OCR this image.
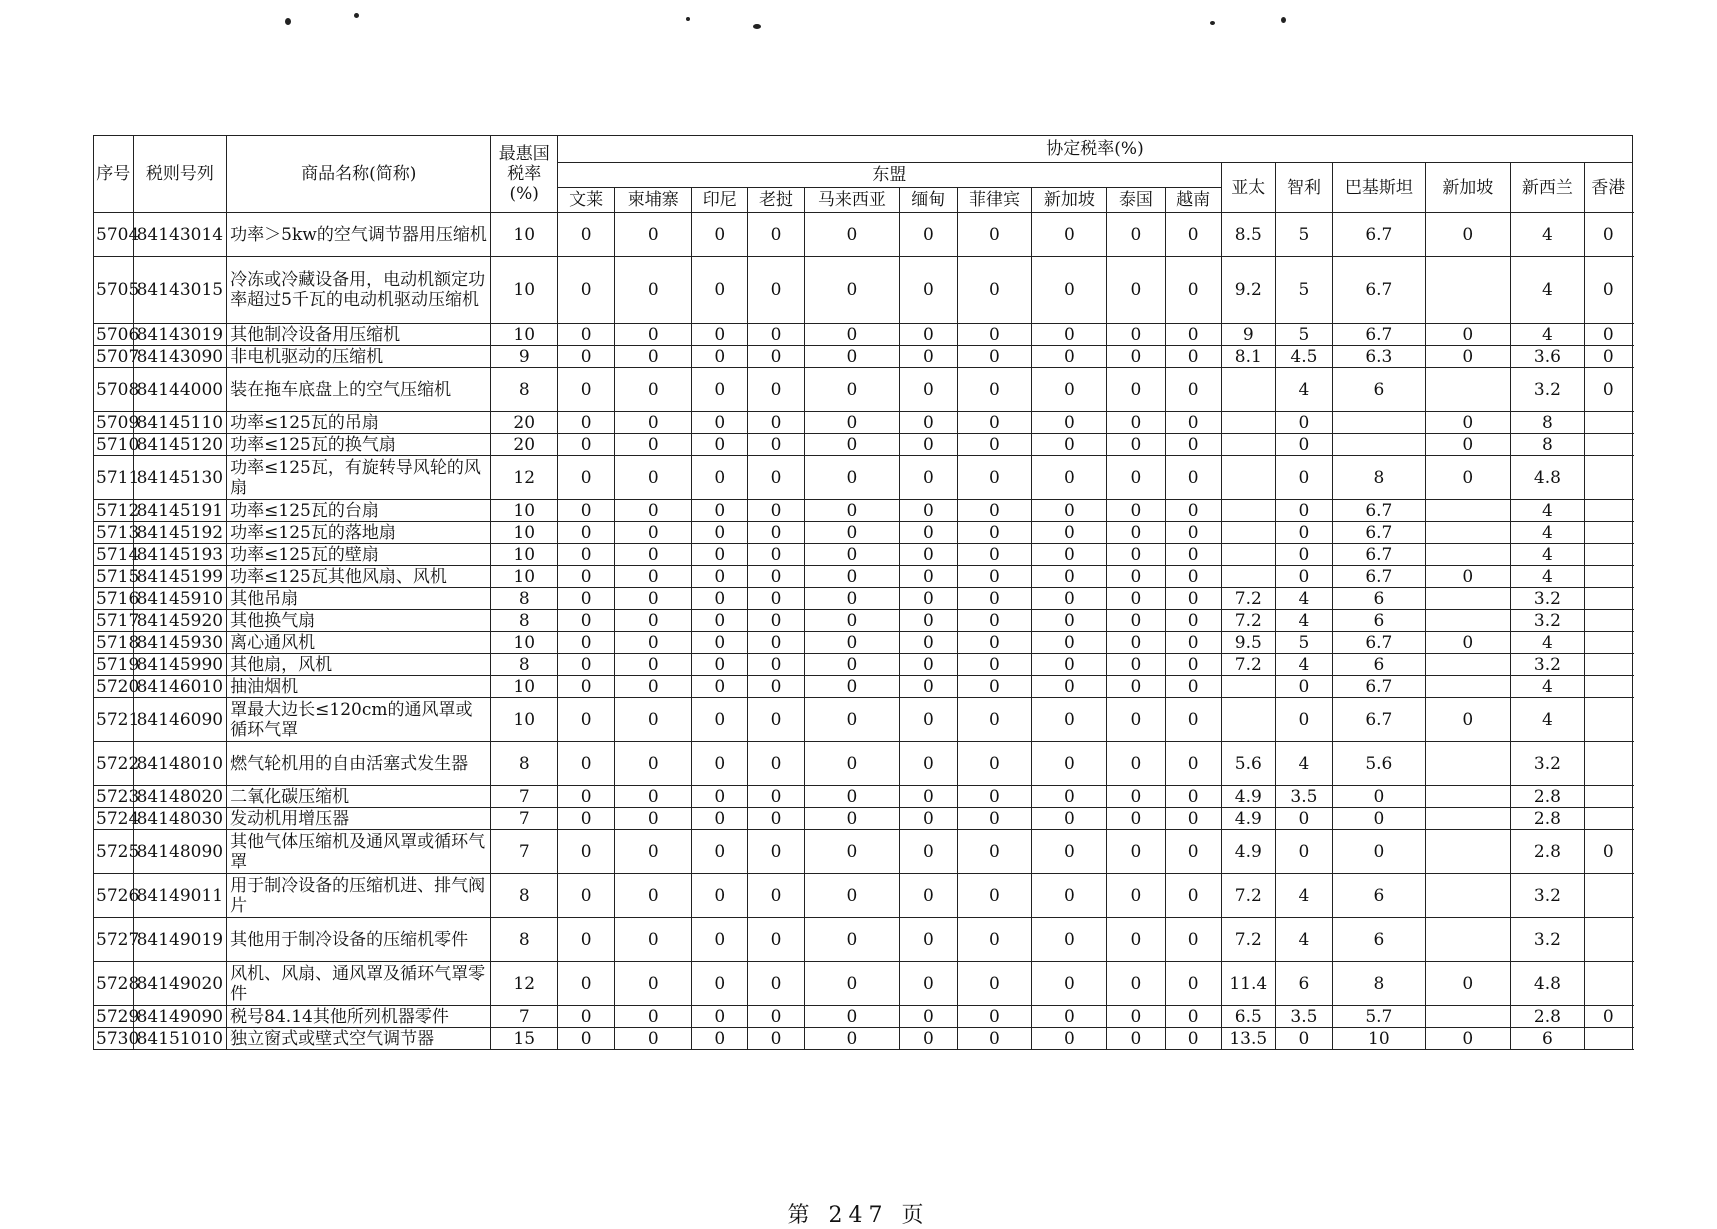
序号	税则号列	商品名称(简称)	最惠国
税率
(%)	协定税率(%)																
				东盟										亚太	智利	巴基斯坦	新加坡	新西兰	香港	
				文莱	柬埔寨	印尼	老挝	马来西亚	缅甸	菲律宾	新加坡	泰国	越南							
5704	84143014	功率＞5kw的空气调节器用压缩机	10	0	0	0	0	0	0	0	0	0	0	8.5	5	6.7	0	4	0	
5705	84143015	冷冻或冷藏设备用，电动机额定功率超过5千瓦的电动机驱动压缩机	10	0	0	0	0	0	0	0	0	0	0	9.2	5	6.7		4	0	
5706	84143019	其他制冷设备用压缩机	10	0	0	0	0	0	0	0	0	0	0	9	5	6.7	0	4	0	
5707	84143090	非电机驱动的压缩机	9	0	0	0	0	0	0	0	0	0	0	8.1	4.5	6.3	0	3.6	0	
5708	84144000	装在拖车底盘上的空气压缩机	8	0	0	0	0	0	0	0	0	0	0		4	6		3.2	0	
5709	84145110	功率≤125瓦的吊扇	20	0	0	0	0	0	0	0	0	0	0		0		0	8		
5710	84145120	功率≤125瓦的换气扇	20	0	0	0	0	0	0	0	0	0	0		0		0	8		
5711	84145130	功率≤125瓦，有旋转导风轮的风扇	12	0	0	0	0	0	0	0	0	0	0		0	8	0	4.8		
5712	84145191	功率≤125瓦的台扇	10	0	0	0	0	0	0	0	0	0	0		0	6.7		4		
5713	84145192	功率≤125瓦的落地扇	10	0	0	0	0	0	0	0	0	0	0		0	6.7		4		
5714	84145193	功率≤125瓦的壁扇	10	0	0	0	0	0	0	0	0	0	0		0	6.7		4		
5715	84145199	功率≤125瓦其他风扇、风机	10	0	0	0	0	0	0	0	0	0	0		0	6.7	0	4		
5716	84145910	其他吊扇	8	0	0	0	0	0	0	0	0	0	0	7.2	4	6		3.2		
5717	84145920	其他换气扇	8	0	0	0	0	0	0	0	0	0	0	7.2	4	6		3.2		
5718	84145930	离心通风机	10	0	0	0	0	0	0	0	0	0	0	9.5	5	6.7	0	4		
5719	84145990	其他扇，风机	8	0	0	0	0	0	0	0	0	0	0	7.2	4	6		3.2		
5720	84146010	抽油烟机	10	0	0	0	0	0	0	0	0	0	0		0	6.7		4		
5721	84146090	罩最大边长≤120cm的通风罩或循环气罩	10	0	0	0	0	0	0	0	0	0	0		0	6.7	0	4		
5722	84148010	燃气轮机用的自由活塞式发生器	8	0	0	0	0	0	0	0	0	0	0	5.6	4	5.6		3.2		
5723	84148020	二氧化碳压缩机	7	0	0	0	0	0	0	0	0	0	0	4.9	3.5	0		2.8		
5724	84148030	发动机用增压器	7	0	0	0	0	0	0	0	0	0	0	4.9	0	0		2.8		
5725	84148090	其他气体压缩机及通风罩或循环气罩	7	0	0	0	0	0	0	0	0	0	0	4.9	0	0		2.8	0	
5726	84149011	用于制冷设备的压缩机进、排气阀片	8	0	0	0	0	0	0	0	0	0	0	7.2	4	6		3.2		
5727	84149019	其他用于制冷设备的压缩机零件	8	0	0	0	0	0	0	0	0	0	0	7.2	4	6		3.2		
5728	84149020	风机、风扇、通风罩及循环气罩零件	12	0	0	0	0	0	0	0	0	0	0	11.4	6	8	0	4.8		
5729	84149090	税号84.14其他所列机器零件	7	0	0	0	0	0	0	0	0	0	0	6.5	3.5	5.7		2.8	0	
5730	84151010	独立窗式或壁式空气调节器	15	0	0	0	0	0	0	0	0	0	0	13.5	0	10	0	6		
第 247 页
